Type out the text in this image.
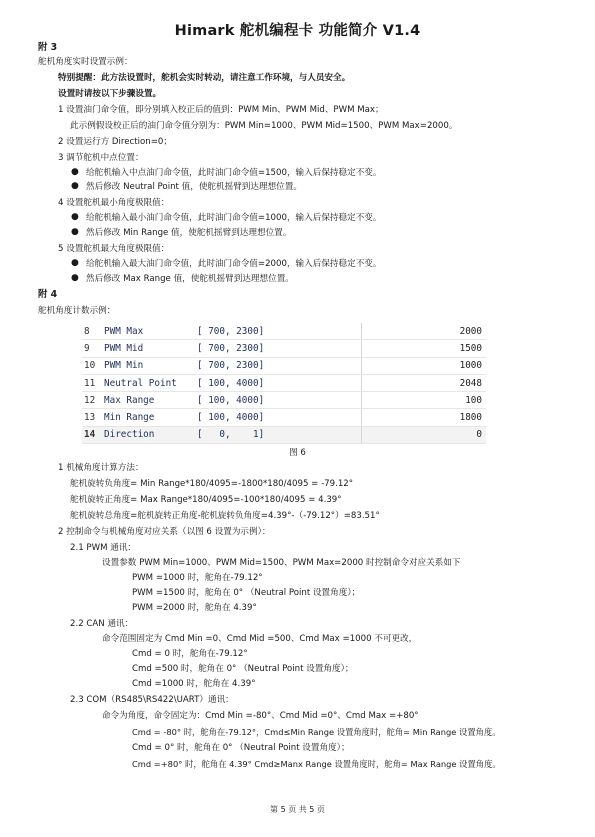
Himark 舵机编程卡 功能简介 V1.4
附 3
舵机角度实时设置示例：
特别提醒：此方法设置时，舵机会实时转动，请注意工作环境，与人员安全。
设置时请按以下步骤设置。
1 设置油门命令值，即分别填入校正后的值到：PWM Min、PWM Mid、PWM Max；
此示例假设校正后的油门命令值分别为：PWM Min=1000、PWM Mid=1500、PWM Max=2000。
2 设置运行方 Direction=0；
3 调节舵机中点位置：
● 给舵机输入中点油门命令值，此时油门命令值=1500，输入后保持稳定不变。
● 然后修改 Neutral Point 值，使舵机摇臂到达理想位置。
4 设置舵机最小角度极限值：
● 给舵机输入最小油门命令值，此时油门命令值=1000，输入后保持稳定不变。
● 然后修改 Min Range 值，使舵机摇臂到达理想位置。
5 设置舵机最大角度极限值：
● 给舵机输入最大油门命令值，此时油门命令值=2000，输入后保持稳定不变。
● 然后修改 Max Range 值，使舵机摇臂到达理想位置。
附 4
舵机角度计数示例：
8	PWM Max	[ 700, 2300]	2000
9	PWM Mid	[ 700, 2300]	1500
10	PWM Min	[ 700, 2300]	1000
11	Neutral Point	[ 100, 4000]	2048
12	Max Range	[ 100, 4000]	100
13	Min Range	[ 100, 4000]	1800
14	Direction	[   0,    1]	0
图 6
1 机械角度计算方法：
舵机旋转负角度= Min Range*180/4095=-1800*180/4095 = -79.12°
舵机旋转正角度= Max Range*180/4095=-100*180/4095 = 4.39°
舵机旋转总角度=舵机旋转正角度-舵机旋转负角度=4.39°-（-79.12°）=83.51°
2 控制命令与机械角度对应关系（以图 6 设置为示例）：
2.1 PWM 通讯：
设置参数 PWM Min=1000、PWM Mid=1500、PWM Max=2000 时控制命令对应关系如下
PWM =1000 时，舵角在-79.12°
PWM =1500 时，舵角在 0° （Neutral Point 设置角度）；
PWM =2000 时，舵角在 4.39°
2.2 CAN 通讯：
命令范围固定为 Cmd Min =0、Cmd Mid =500、Cmd Max =1000 不可更改，
Cmd = 0 时，舵角在-79.12°
Cmd =500 时，舵角在 0° （Neutral Point 设置角度）；
Cmd =1000 时，舵角在 4.39°
2.3 COM（RS485\RS422\UART）通讯：
命令为角度，命令固定为：Cmd Min =-80°、Cmd Mid =0°、Cmd Max =+80°
Cmd = -80° 时，舵角在-79.12°，Cmd≤Min Range 设置角度时，舵角= Min Range 设置角度。
Cmd = 0° 时，舵角在 0° （Neutral Point 设置角度）；
Cmd =+80° 时，舵角在 4.39° Cmd≥Manx Range 设置角度时，舵角= Max Range 设置角度。
第 5 页 共 5 页
